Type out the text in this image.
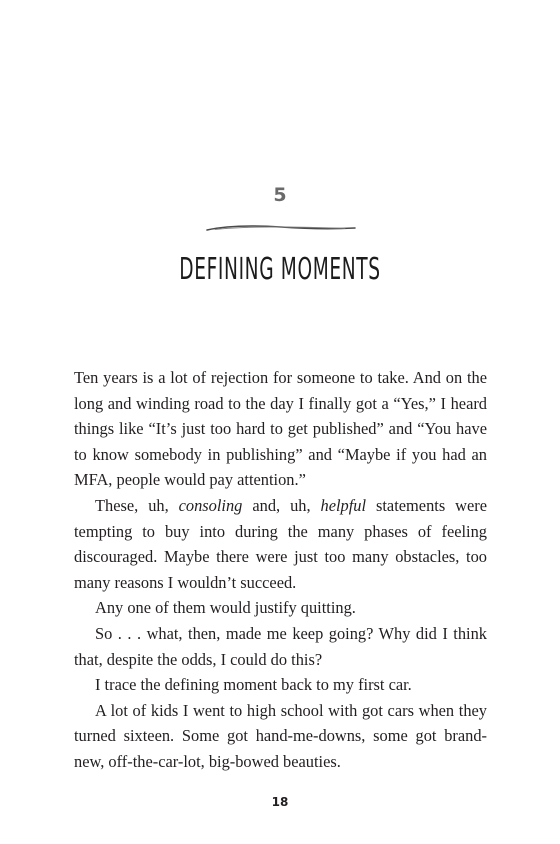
5
DEFINING MOMENTS

Ten years is a lot of rejection for someone to take. And on the long and winding road to the day I finally got a “Yes,” I heard things like “It’s just too hard to get published” and “You have to know somebody in publishing” and “Maybe if you had an MFA, people would pay attention.”

These, uh, consoling and, uh, helpful statements were tempting to buy into during the many phases of feeling discouraged. Maybe there were just too many obstacles, too many reasons I wouldn’t succeed.

Any one of them would justify quitting.

So . . . what, then, made me keep going? Why did I think that, despite the odds, I could do this?

I trace the defining moment back to my first car.

A lot of kids I went to high school with got cars when they turned sixteen. Some got hand-me-downs, some got brand-new, off-the-car-lot, big-bowed beauties.

18
